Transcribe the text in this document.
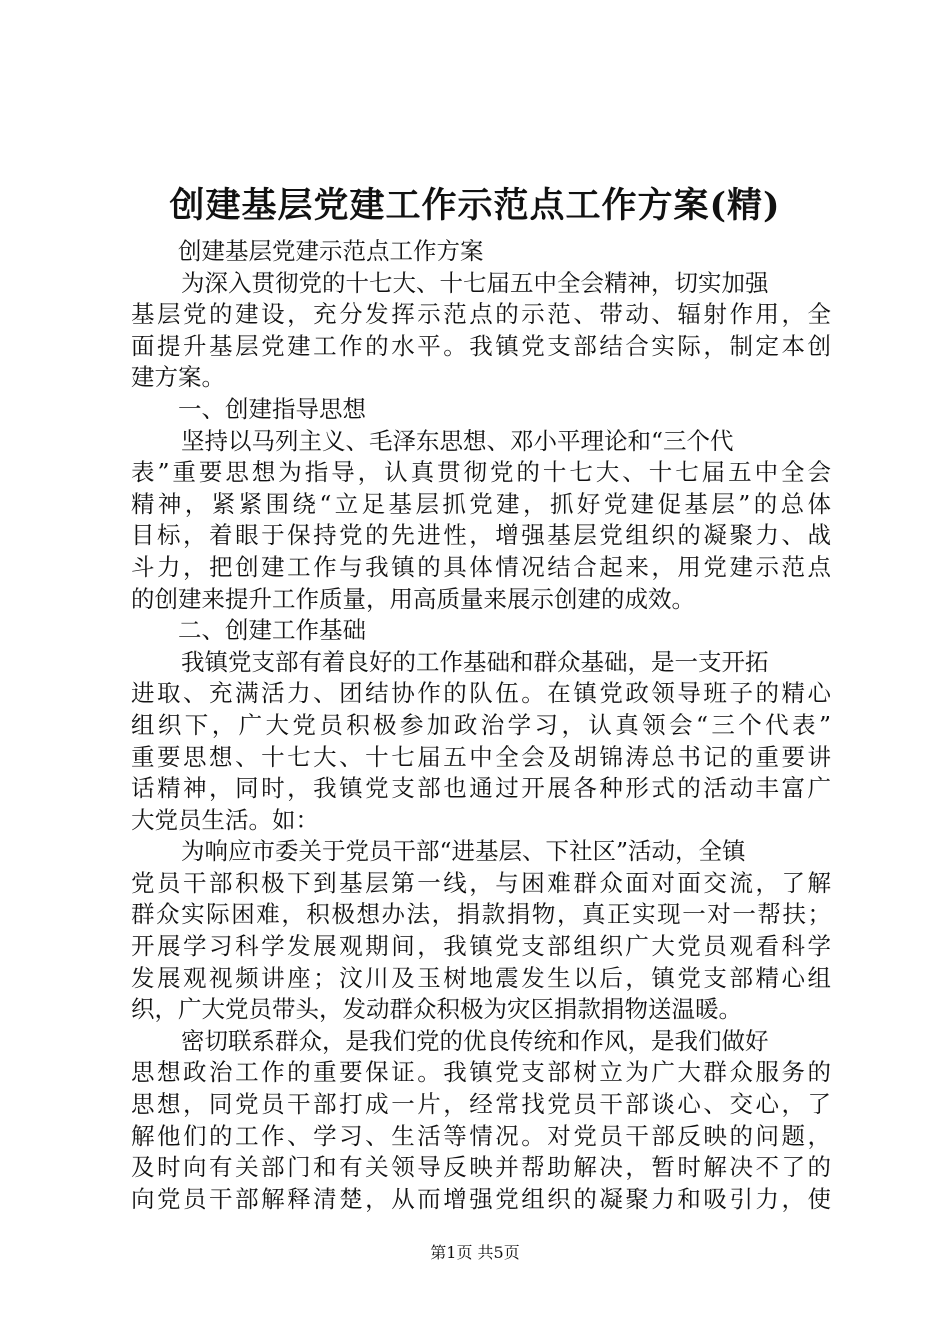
创建基层党建工作示范点工作方案(精)
创建基层党建示范点工作方案
为深入贯彻党的十七大、十七届五中全会精神，切实加强
基层党的建设，充分发挥示范点的示范、带动、辐射作用，全
面提升基层党建工作的水平。我镇党支部结合实际，制定本创
建方案。
一、创建指导思想
坚持以马列主义、毛泽东思想、邓小平理论和“三个代
表”重要思想为指导，认真贯彻党的十七大、十七届五中全会
精神，紧紧围绕“立足基层抓党建，抓好党建促基层”的总体
目标，着眼于保持党的先进性，增强基层党组织的凝聚力、战
斗力，把创建工作与我镇的具体情况结合起来，用党建示范点
的创建来提升工作质量，用高质量来展示创建的成效。
二、创建工作基础
我镇党支部有着良好的工作基础和群众基础，是一支开拓
进取、充满活力、团结协作的队伍。在镇党政领导班子的精心
组织下，广大党员积极参加政治学习，认真领会“三个代表”
重要思想、十七大、十七届五中全会及胡锦涛总书记的重要讲
话精神，同时，我镇党支部也通过开展各种形式的活动丰富广
大党员生活。如：
为响应市委关于党员干部“进基层、下社区”活动，全镇
党员干部积极下到基层第一线，与困难群众面对面交流，了解
群众实际困难，积极想办法，捐款捐物，真正实现一对一帮扶；
开展学习科学发展观期间，我镇党支部组织广大党员观看科学
发展观视频讲座；汶川及玉树地震发生以后，镇党支部精心组
织，广大党员带头，发动群众积极为灾区捐款捐物送温暖。
密切联系群众，是我们党的优良传统和作风，是我们做好
思想政治工作的重要保证。我镇党支部树立为广大群众服务的
思想，同党员干部打成一片，经常找党员干部谈心、交心，了
解他们的工作、学习、生活等情况。对党员干部反映的问题，
及时向有关部门和有关领导反映并帮助解决，暂时解决不了的
向党员干部解释清楚，从而增强党组织的凝聚力和吸引力，使
第1页 共5页
